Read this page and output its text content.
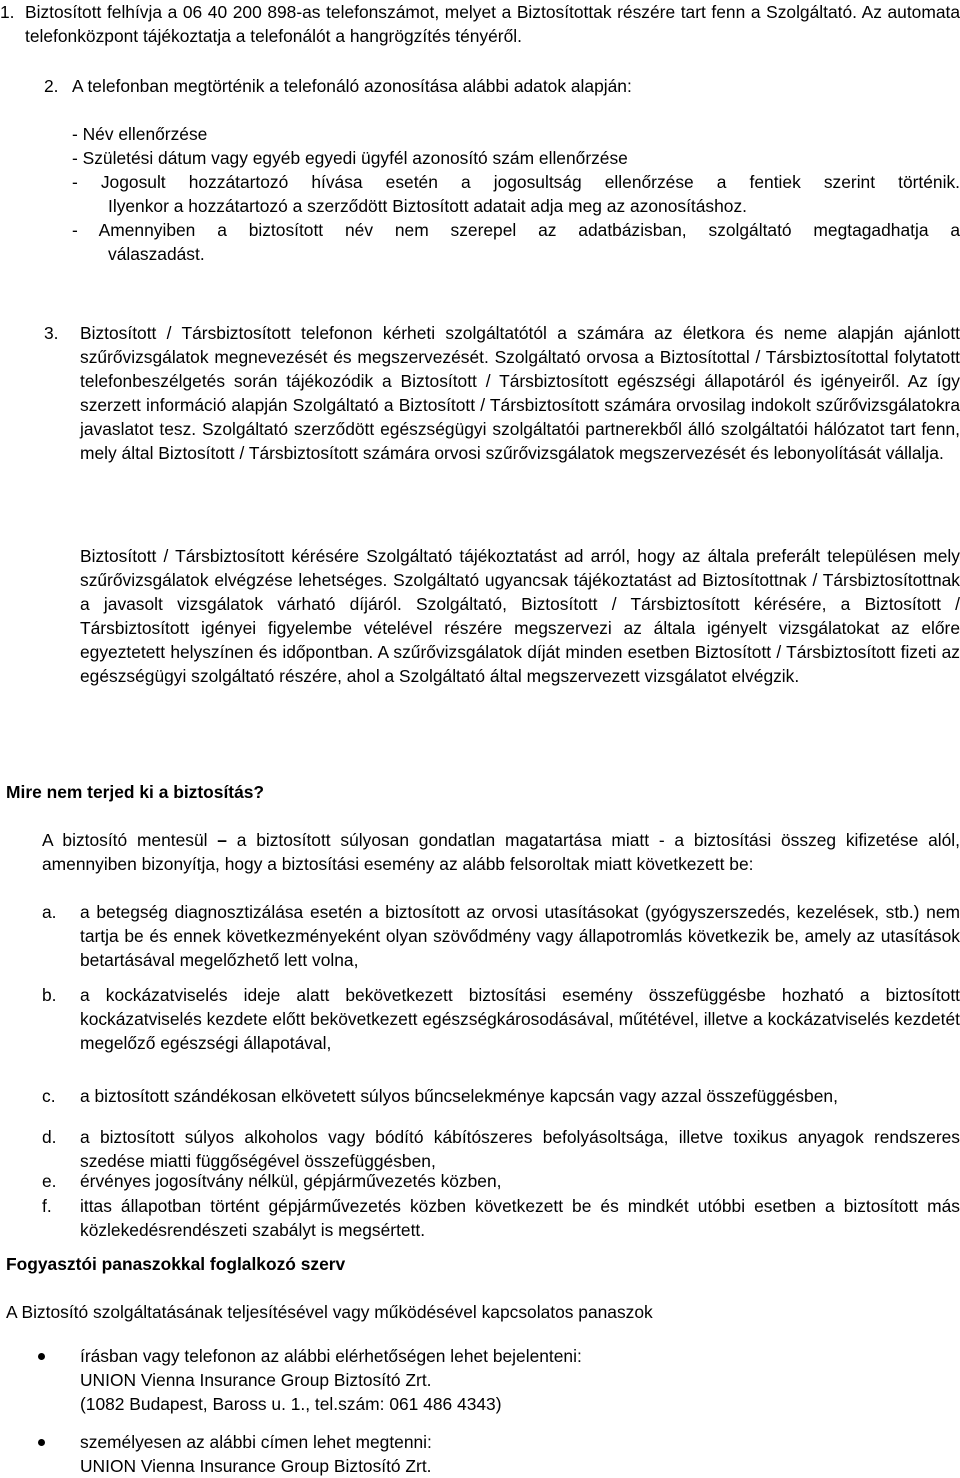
1. Biztosított felhívja a 06 40 200 898-as telefonszámot, melyet a Biztosítottak részére tart fenn a Szolgáltató. Az automata telefonközpont tájékoztatja a telefonálót a hangrögzítés tényéről.

2. A telefonban megtörténik a telefonáló azonosítása alábbi adatok alapján:

- Név ellenőrzése

- Születési dátum vagy egyéb egyedi ügyfél azonosító szám ellenőrzése

- Jogosult hozzátartozó hívása esetén a jogosultság ellenőrzése a fentiek szerint történik.

Ilyenkor a hozzátartozó a szerződött Biztosított adatait adja meg az azonosításhoz.

- Amennyiben a biztosított név nem szerepel az adatbázisban, szolgáltató megtagadhatja a

válaszadást.

3. Biztosított / Társbiztosított telefonon kérheti szolgáltatótól a számára az életkora és neme alapján ajánlott szűrővizsgálatok megnevezését és megszervezését. Szolgáltató orvosa a Biztosítottal / Társbiztosítottal folytatott telefonbeszélgetés során tájékozódik a Biztosított / Társbiztosított egészségi állapotáról és igényeiről. Az így szerzett információ alapján Szolgáltató a Biztosított / Társbiztosított számára orvosilag indokolt szűrővizsgálatokra javaslatot tesz. Szolgáltató szerződött egészségügyi szolgáltatói partnerekből álló szolgáltatói hálózatot tart fenn, mely által Biztosított / Társbiztosított számára orvosi szűrővizsgálatok megszervezését és lebonyolítását vállalja.

Biztosított / Társbiztosított kérésére Szolgáltató tájékoztatást ad arról, hogy az általa preferált településen mely szűrővizsgálatok elvégzése lehetséges. Szolgáltató ugyancsak tájékoztatást ad Biztosítottnak / Társbiztosítottnak a javasolt vizsgálatok várható díjáról. Szolgáltató, Biztosított / Társbiztosított kérésére, a Biztosított / Társbiztosított igényei figyelembe vételével részére megszervezi az általa igényelt vizsgálatokat az előre egyeztetett helyszínen és időpontban. A szűrővizsgálatok díját minden esetben Biztosított / Társbiztosított fizeti az egészségügyi szolgáltató részére, ahol a Szolgáltató által megszervezett vizsgálatot elvégzik.

Mire nem terjed ki a biztosítás?

A biztosító mentesül – a biztosított súlyosan gondatlan magatartása miatt - a biztosítási összeg kifizetése alól, amennyiben bizonyítja, hogy a biztosítási esemény az alább felsoroltak miatt következett be:

a. a betegség diagnosztizálása esetén a biztosított az orvosi utasításokat (gyógyszerszedés, kezelések, stb.) nem tartja be és ennek következményeként olyan szövődmény vagy állapotromlás következik be, amely az utasítások betartásával megelőzhető lett volna,

b. a kockázatviselés ideje alatt bekövetkezett biztosítási esemény összefüggésbe hozható a biztosított kockázatviselés kezdete előtt bekövetkezett egészségkárosodásával, műtétével, illetve a kockázatviselés kezdetét megelőző egészségi állapotával,

c. a biztosított szándékosan elkövetett súlyos bűncselekménye kapcsán vagy azzal összefüggésben,

d. a biztosított súlyos alkoholos vagy bódító kábítószeres befolyásoltsága, illetve toxikus anyagok rendszeres szedése miatti függőségével összefüggésben,

e. érvényes jogosítvány nélkül, gépjárművezetés közben,

f. ittas állapotban történt gépjárművezetés közben következett be és mindkét utóbbi esetben a biztosított más közlekedésrendészeti szabályt is megsértett.

Fogyasztói panaszokkal foglalkozó szerv

A Biztosító szolgáltatásának teljesítésével vagy működésével kapcsolatos panaszok

írásban vagy telefonon az alábbi elérhetőségen lehet bejelenteni:

UNION Vienna Insurance Group Biztosító Zrt.

(1082 Budapest, Baross u. 1., tel.szám: 061 486 4343)

személyesen az alábbi címen lehet megtenni:

UNION Vienna Insurance Group Biztosító Zrt.
